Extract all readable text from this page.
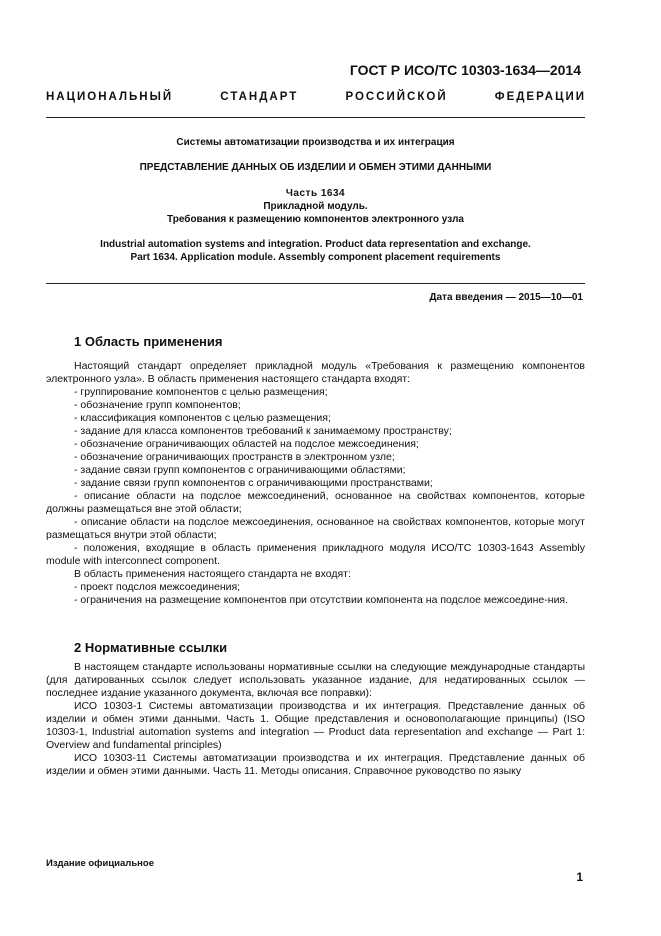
ГОСТ Р ИСО/ТС 10303-1634—2014
НАЦИОНАЛЬНЫЙ СТАНДАРТ РОССИЙСКОЙ ФЕДЕРАЦИИ
Системы автоматизации производства и их интеграция
ПРЕДСТАВЛЕНИЕ ДАННЫХ ОБ ИЗДЕЛИИ И ОБМЕН ЭТИМИ ДАННЫМИ
Часть 1634
Прикладной модуль.
Требования к размещению компонентов электронного узла
Industrial automation systems and integration. Product data representation and exchange.
Part 1634. Application module. Assembly component placement requirements
Дата введения — 2015—10—01
1 Область применения
Настоящий стандарт определяет прикладной модуль «Требования к размещению компонентов электронного узла». В область применения настоящего стандарта входят:
- группирование компонентов с целью размещения;
- обозначение групп компонентов;
- классификация компонентов с целью размещения;
- задание для класса компонентов требований к занимаемому пространству;
- обозначение ограничивающих областей на подслое межсоединения;
- обозначение ограничивающих пространств в электронном узле;
- задание связи групп компонентов с ограничивающими областями;
- задание связи групп компонентов с ограничивающими пространствами;
- описание области на подслое межсоединений, основанное на свойствах компонентов, которые должны размещаться вне этой области;
- описание области на подслое межсоединения, основанное на свойствах компонентов, которые могут размещаться внутри этой области;
- положения, входящие в область применения прикладного модуля ИСО/ТС 10303-1643 Assembly module with interconnect component.
В область применения настоящего стандарта не входят:
- проект подслоя межсоединения;
- ограничения на размещение компонентов при отсутствии компонента на подслое межсоедине-ния.
2 Нормативные ссылки
В настоящем стандарте использованы нормативные ссылки на следующие международные стандарты (для датированных ссылок следует использовать указанное издание, для недатированных ссылок — последнее издание указанного документа, включая все поправки):
ИСО 10303-1 Системы автоматизации производства и их интеграция. Представление данных об изделии и обмен этими данными. Часть 1. Общие представления и основополагающие принципы) (ISO 10303-1, Industrial automation systems and integration — Product data representation and exchange — Part 1: Overview and fundamental principles)
ИСО 10303-11 Системы автоматизации производства и их интеграция. Представление данных об изделии и обмен этими данными. Часть 11. Методы описания. Справочное руководство по языку
Издание официальное
1
